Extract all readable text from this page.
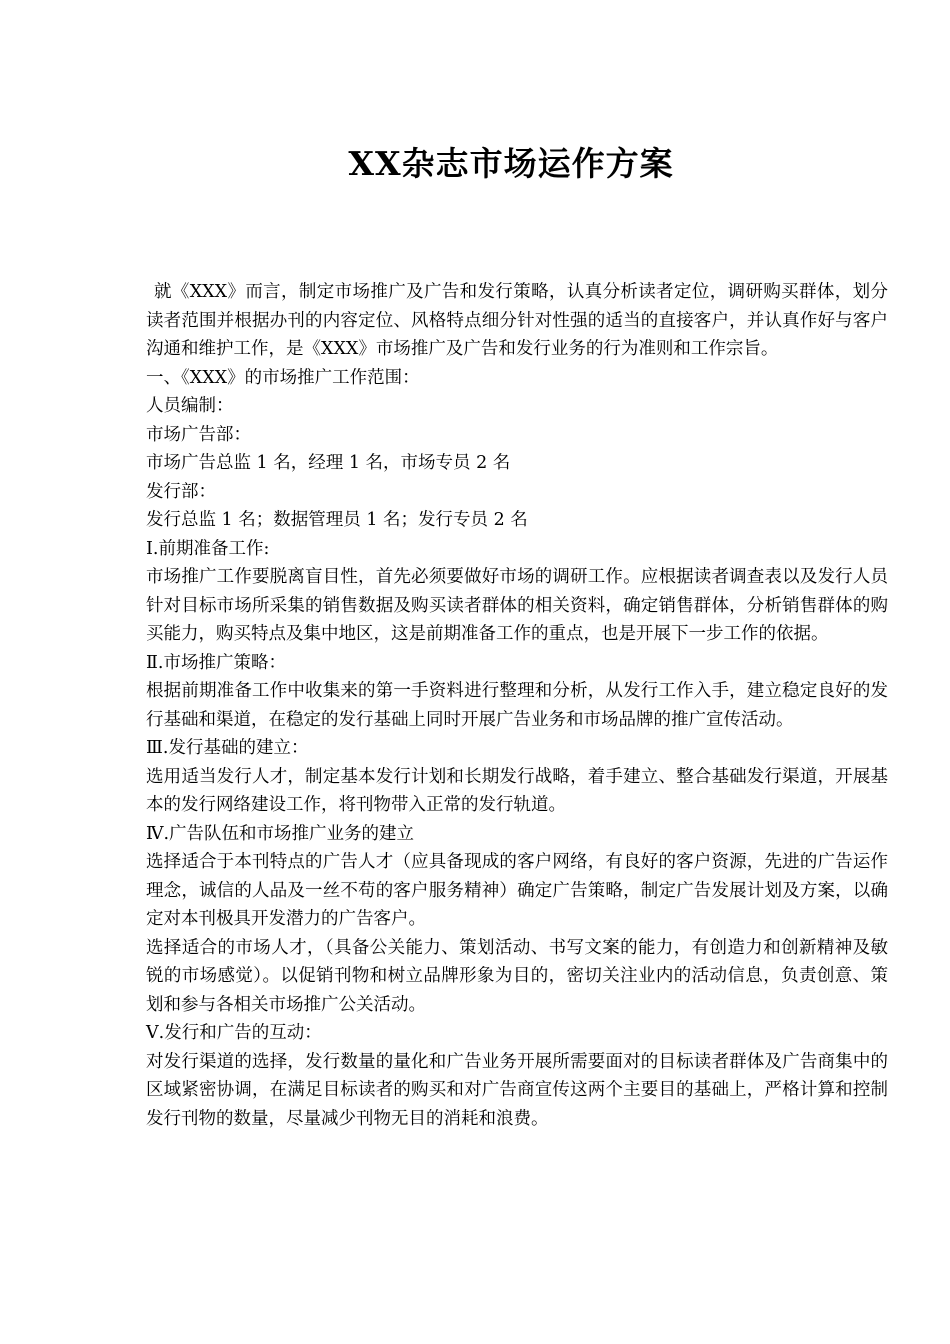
XX杂志市场运作方案

就《XXX》而言，制定市场推广及广告和发行策略，认真分析读者定位，调研购买群体，划分读者范围并根据办刊的内容定位、风格特点细分针对性强的适当的直接客户，并认真作好与客户沟通和维护工作，是《XXX》市场推广及广告和发行业务的行为准则和工作宗旨。

一、《XXX》的市场推广工作范围：

人员编制：

市场广告部：

市场广告总监 1 名，经理 1 名，市场专员 2 名

发行部：

发行总监 1 名；数据管理员 1 名；发行专员 2 名

Ⅰ.前期准备工作:

市场推广工作要脱离盲目性，首先必须要做好市场的调研工作。应根据读者调查表以及发行人员针对目标市场所采集的销售数据及购买读者群体的相关资料，确定销售群体，分析销售群体的购买能力，购买特点及集中地区，这是前期准备工作的重点，也是开展下一步工作的依据。

Ⅱ.市场推广策略：

根据前期准备工作中收集来的第一手资料进行整理和分析，从发行工作入手，建立稳定良好的发行基础和渠道，在稳定的发行基础上同时开展广告业务和市场品牌的推广宣传活动。

Ⅲ.发行基础的建立：

选用适当发行人才，制定基本发行计划和长期发行战略，着手建立、整合基础发行渠道，开展基本的发行网络建设工作，将刊物带入正常的发行轨道。

Ⅳ.广告队伍和市场推广业务的建立

选择适合于本刊特点的广告人才（应具备现成的客户网络，有良好的客户资源，先进的广告运作理念，诚信的人品及一丝不苟的客户服务精神）确定广告策略，制定广告发展计划及方案，以确定对本刊极具开发潜力的广告客户。

选择适合的市场人才，（具备公关能力、策划活动、书写文案的能力，有创造力和创新精神及敏锐的市场感觉）。以促销刊物和树立品牌形象为目的，密切关注业内的活动信息，负责创意、策划和参与各相关市场推广公关活动。

Ⅴ.发行和广告的互动：

对发行渠道的选择，发行数量的量化和广告业务开展所需要面对的目标读者群体及广告商集中的区域紧密协调，在满足目标读者的购买和对广告商宣传这两个主要目的基础上，严格计算和控制发行刊物的数量，尽量减少刊物无目的消耗和浪费。
